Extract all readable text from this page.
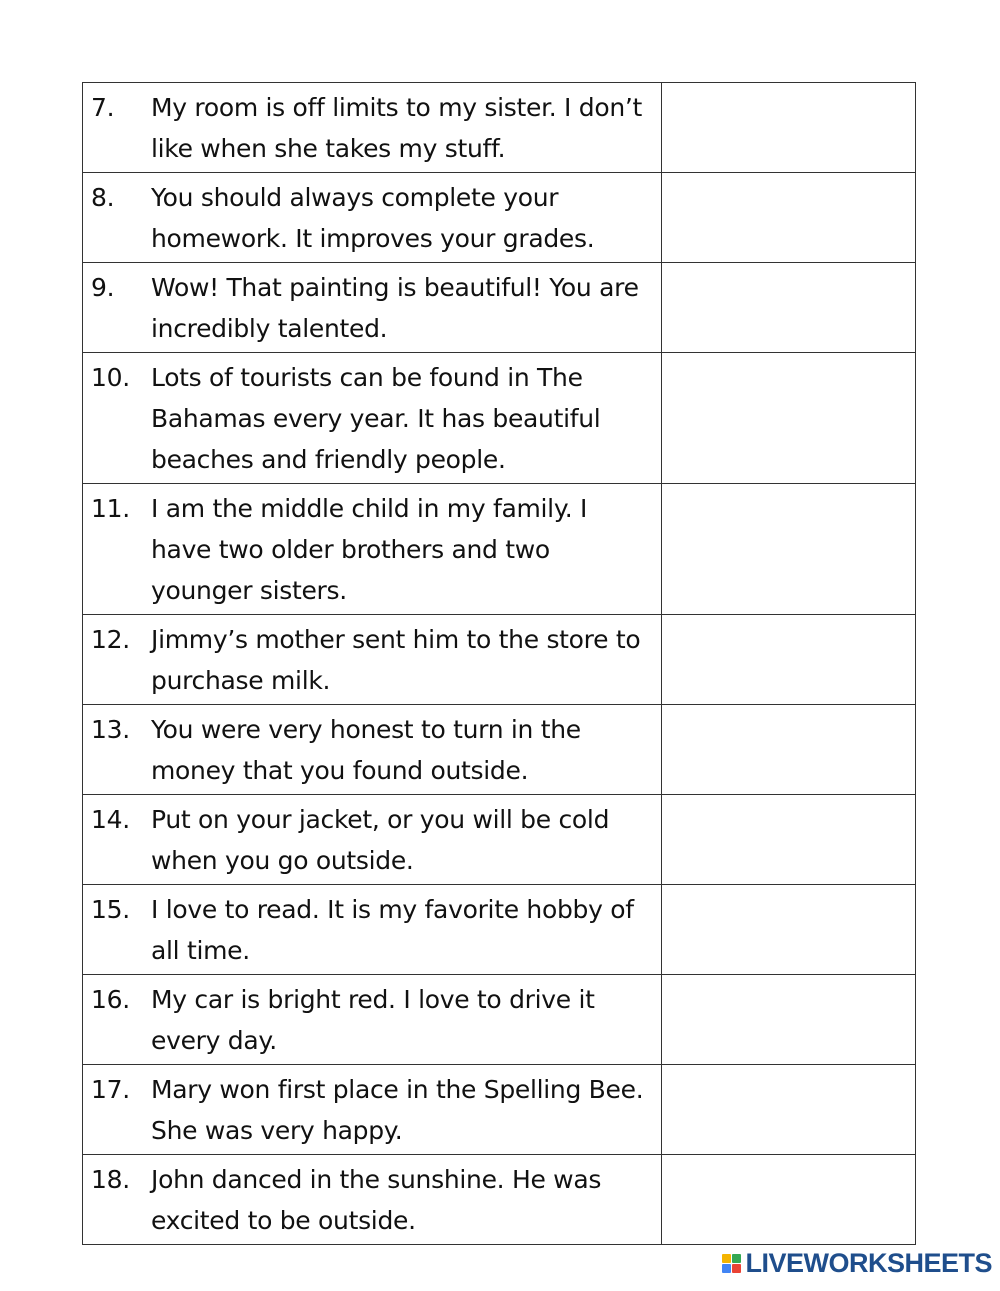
7. My room is off limits to my sister. I don’t like when she takes my stuff.	

8. You should always complete your homework. It improves your grades.	

9. Wow! That painting is beautiful! You are incredibly talented.	

10. Lots of tourists can be found in The Bahamas every year. It has beautiful beaches and friendly people.	

11. I am the middle child in my family. I have two older brothers and two younger sisters.	

12. Jimmy’s mother sent him to the store to purchase milk.	

13. You were very honest to turn in the money that you found outside.	

14. Put on your jacket, or you will be cold when you go outside.	

15. I love to read. It is my favorite hobby of all time.	

16. My car is bright red. I love to drive it every day.	

17. Mary won first place in the Spelling Bee. She was very happy.	

18. John danced in the sunshine. He was excited to be outside.	

LIVEWORKSHEETS
